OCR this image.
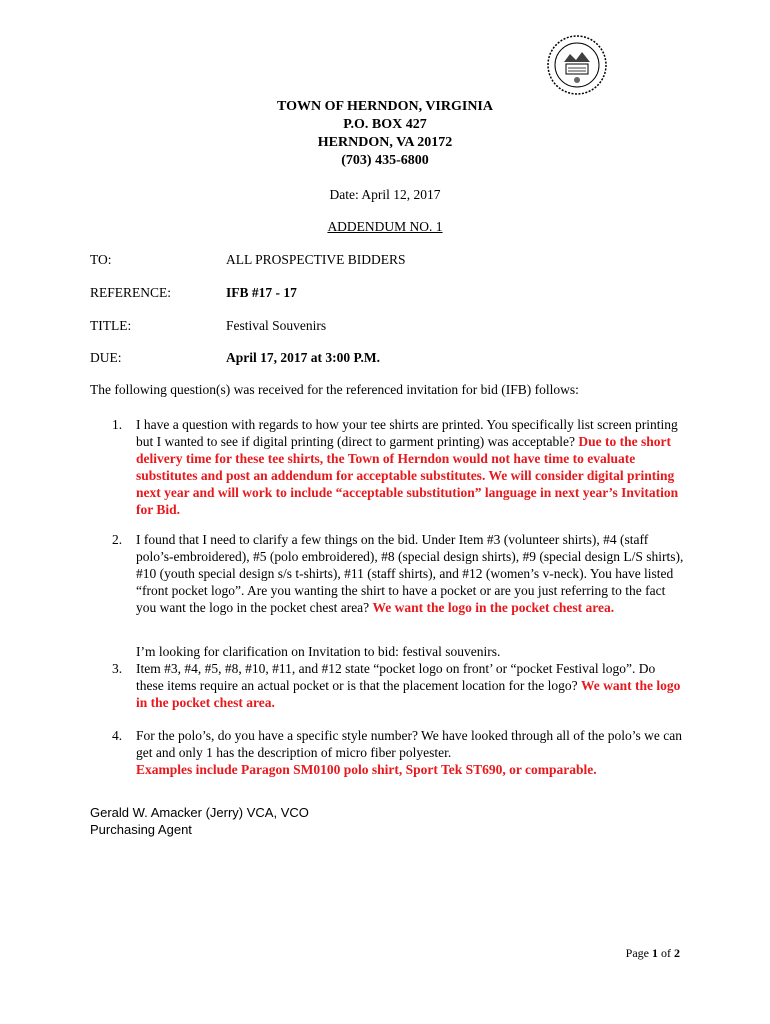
TOWN OF HERNDON, VIRGINIA
P.O. BOX 427
HERNDON, VA 20172
(703) 435-6800
Date: April 12, 2017
ADDENDUM NO. 1
TO:	ALL PROSPECTIVE BIDDERS
REFERENCE:	IFB #17 - 17
TITLE:	Festival Souvenirs
DUE:	April 17, 2017 at 3:00 P.M.
The following question(s) was received for the referenced invitation for bid (IFB) follows:
1. I have a question with regards to how your tee shirts are printed. You specifically list screen printing but I wanted to see if digital printing (direct to garment printing) was acceptable? Due to the short delivery time for these tee shirts, the Town of Herndon would not have time to evaluate substitutes and post an addendum for acceptable substitutes. We will consider digital printing next year and will work to include “acceptable substitution” language in next year’s Invitation for Bid.
2. I found that I need to clarify a few things on the bid. Under Item #3 (volunteer shirts), #4 (staff polo’s-embroidered), #5 (polo embroidered), #8 (special design shirts), #9 (special design L/S shirts), #10 (youth special design s/s t-shirts), #11 (staff shirts), and #12 (women’s v-neck). You have listed “front pocket logo”. Are you wanting the shirt to have a pocket or are you just referring to the fact you want the logo in the pocket chest area? We want the logo in the pocket chest area.
I’m looking for clarification on Invitation to bid: festival souvenirs.
3. Item #3, #4, #5, #8, #10, #11, and #12 state “pocket logo on front’ or “pocket Festival logo”. Do these items require an actual pocket or is that the placement location for the logo? We want the logo in the pocket chest area.
4. For the polo’s, do you have a specific style number? We have looked through all of the polo’s we can get and only 1 has the description of micro fiber polyester.
Examples include Paragon SM0100 polo shirt, Sport Tek ST690, or comparable.
Gerald W. Amacker (Jerry) VCA, VCO
Purchasing Agent
Page 1 of 2
